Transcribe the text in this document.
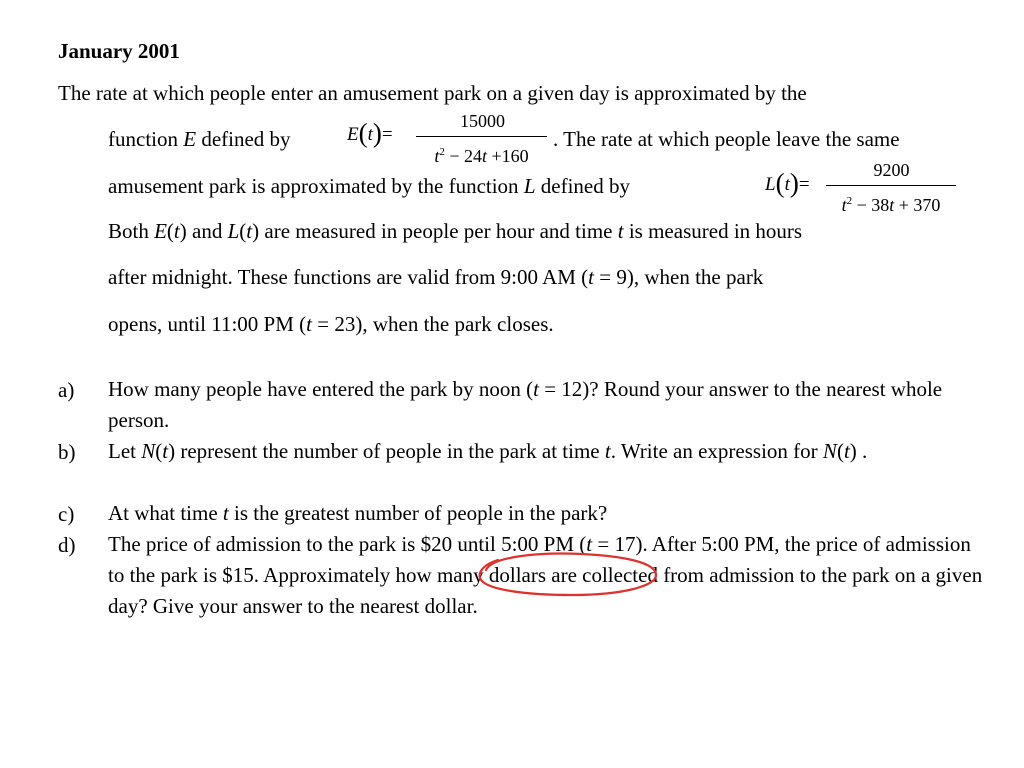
January 2001
The rate at which people enter an amusement park on a given day is approximated by the
function E defined by	E(t)=
15000
$t^2 - 24t +160$
. The rate at which people leave the same
amusement park is approximated by the function L defined by	L(t)=
9200
$t^2 - 38t + 370$
Both E(t) and L(t) are measured in people per hour and time t is measured in hours
after midnight. These functions are valid from 9:00 AM (t = 9), when the park
opens, until 11:00 PM (t = 23), when the park closes.
a) How many people have entered the park by noon (t = 12)? Round your answer to the nearest whole person.
b) Let N(t) represent the number of people in the park at time t. Write an expression for N(t) .
c) At what time t is the greatest number of people in the park?
d) The price of admission to the park is $20 until 5:00 PM (t = 17). After 5:00 PM, the price of admission to the park is $15. Approximately how many dollars are collected from admission to the park on a given day? Give your answer to the nearest dollar.
